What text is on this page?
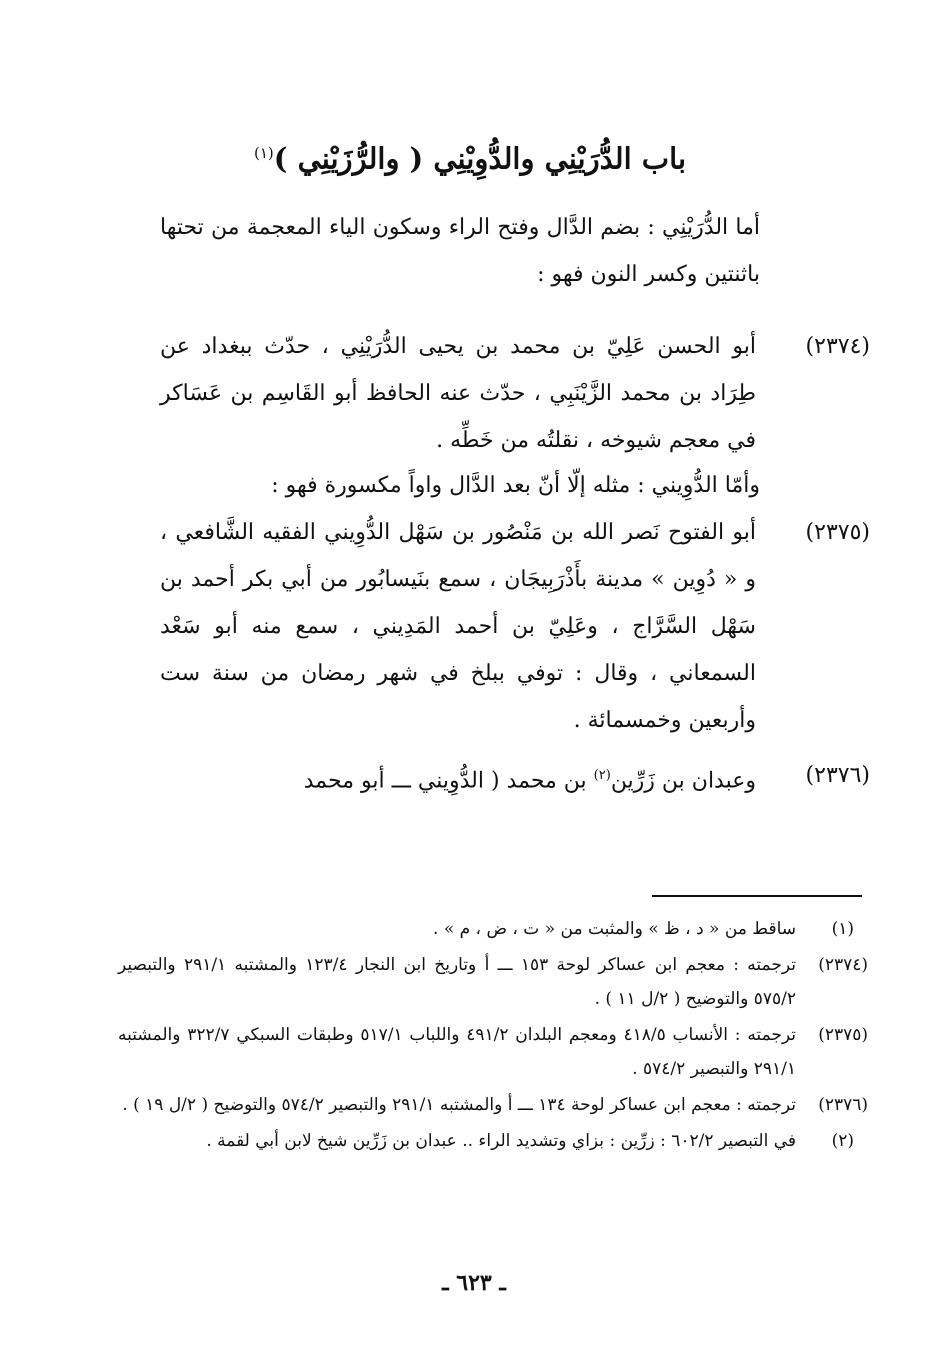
باب الدُّرَيْنِي والدُّوِيْنِي ( والرُّزَيْنِي )$^{(١)}$
أما الدُّرَيْنِي : بضم الدَّال وفتح الراء وسكون الياء المعجمة من تحتها باثنتين وكسر النون فهو :
(٢٣٧٤)
أبو الحسن عَلِيّ بن محمد بن يحيى الدُّرَيْنِي ، حدّث ببغداد عن طِرَاد بن محمد الزَّيْنَبِي ، حدّث عنه الحافظ أبو القَاسِم بن عَسَاكر في معجم شيوخه ، نقلتُه من خَطِّه .
وأمّا الدُّوِيني : مثله إلّا أنّ بعد الدَّال واواً مكسورة فهو :
(٢٣٧٥)
أبو الفتوح نَصر الله بن مَنْصُور بن سَهْل الدُّوِيني الفقيه الشَّافعي ، و « دُوِين » مدينة بأَذْرَبِيجَان ، سمع بنَيسابُور من أبي بكر أحمد بن سَهْل السَّرَّاج ، وعَلِيّ بن أحمد المَدِيني ، سمع منه أبو سَعْد السمعاني ، وقال : توفي ببلخ في شهر رمضان من سنة ست وأربعين وخمسمائة .
(٢٣٧٦)
وعبدان بن زَرِّين$^{(٢)}$ بن محمد ( الدُّوِيني ـــ أبو محمد
(١)
ساقط من « د ، ظ » والمثبت من « ت ، ض ، م » .
(٢٣٧٤)
ترجمته : معجم ابن عساكر لوحة ١٥٣ ـــ أ وتاريخ ابن النجار ١٢٣/٤ والمشتبه ٢٩١/١ والتبصير ٥٧٥/٢ والتوضيح ( ٢/ل ١١ ) .
(٢٣٧٥)
ترجمته : الأنساب ٤١٨/٥ ومعجم البلدان ٤٩١/٢ واللباب ٥١٧/١ وطبقات السبكي ٣٢٢/٧ والمشتبه ٢٩١/١ والتبصير ٥٧٤/٢ .
(٢٣٧٦)
ترجمته : معجم ابن عساكر لوحة ١٣٤ ـــ أ والمشتبه ٢٩١/١ والتبصير ٥٧٤/٢ والتوضيح ( ٢/ل ١٩ ) .
(٢)
في التبصير ٦٠٢/٢ : زرِّين : بزاي وتشديد الراء .. عبدان بن زَرِّين شيخ لابن أبي لقمة .
ـ ٦٢٣ ـ
